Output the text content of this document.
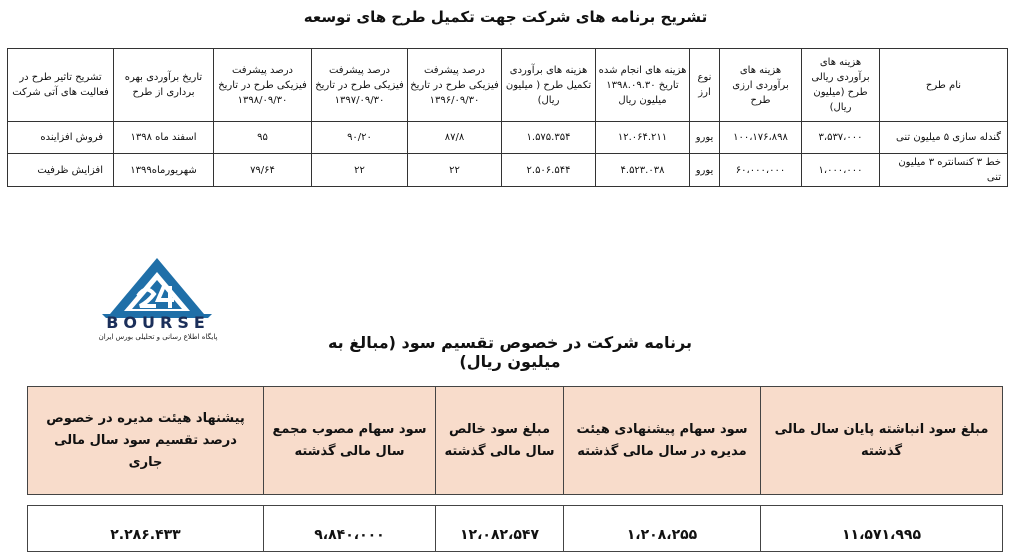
تشریح برنامه های شرکت جهت تکمیل طرح های توسعه
نام طرح	هزینه های برآوردی ریالی طرح (میلیون ریال)	هزینه های برآوردی ارزی طرح	نوع ارز	هزینه های انجام شده تاریخ ۱۳۹۸.۰۹.۳۰ میلیون ریال	هزینه های برآوردی تکمیل طرح ( میلیون ریال)	درصد پیشرفت فیزیکی طرح در تاریخ ۱۳۹۶/۰۹/۳۰	درصد پیشرفت فیزیکی طرح در تاریخ ۱۳۹۷/۰۹/۳۰	درصد پیشرفت فیزیکی طرح در تاریخ ۱۳۹۸/۰۹/۳۰	تاریخ برآوردی بهره برداری از طرح	تشریح تاثیر طرح در فعالیت های آتی شرکت
گندله سازی ۵ میلیون تنی	۳،۵۳۷،۰۰۰	۱۰۰،۱۷۶،۸۹۸	یورو	۱۲.۰۶۴.۲۱۱	۱.۵۷۵.۳۵۴	۸۷/۸	۹۰/۲۰	۹۵	اسفند ماه ۱۳۹۸	فروش افزاینده
خط ۳ کنسانتره ۳ میلیون تنی	۱،۰۰۰،۰۰۰	۶۰،۰۰۰،۰۰۰	یورو	۴.۵۲۳.۰۳۸	۲.۵۰۶.۵۴۴	۲۲	۲۲	۷۹/۶۴	شهریورماه۱۳۹۹	افزایش ظرفیت
BOURSE
پایگاه اطلاع رسانی و تحلیلی بورس ایران	برنامه شرکت در خصوص تقسیم سود (مبالغ به میلیون ریال)
مبلغ سود انباشته پایان سال مالی گذشته	سود سهام پیشنهادی هیئت مدیره در سال مالی گذشته	مبلغ سود خالص سال مالی گذشته	سود سهام مصوب مجمع سال مالی گذشته	پیشنهاد هیئت مدیره در خصوص درصد تقسیم سود سال مالی جاری

۱۱،۵۷۱،۹۹۵	۱،۲۰۸،۲۵۵	۱۲،۰۸۲،۵۴۷	۹،۸۴۰،۰۰۰	۲.۲۸۶.۴۳۳
